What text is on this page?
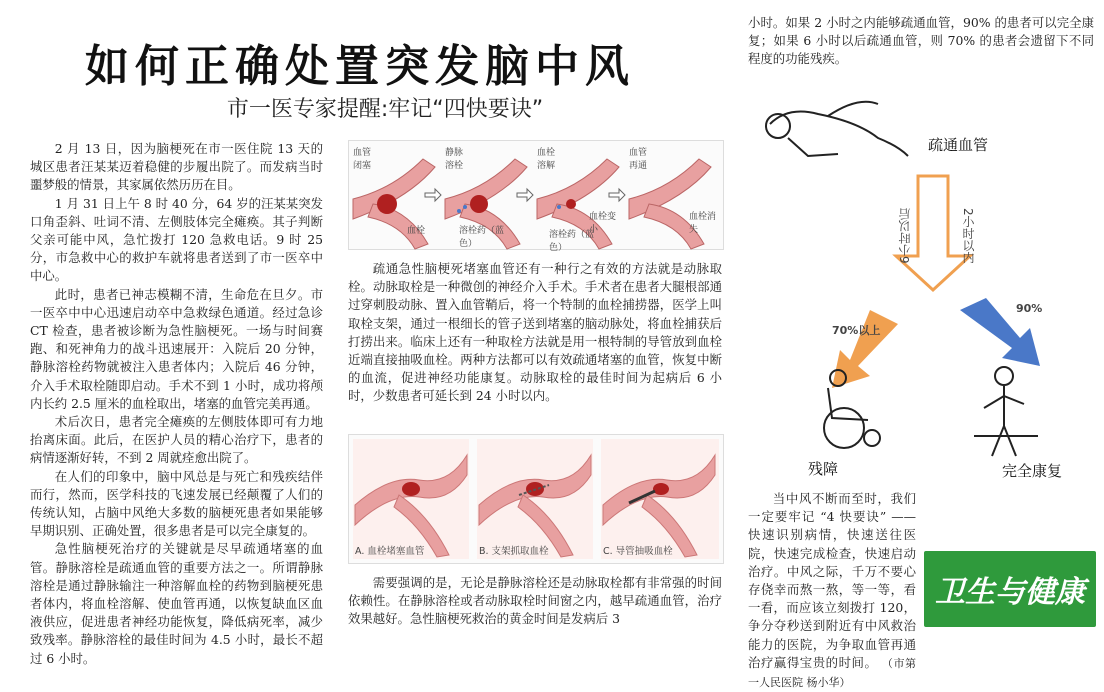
如何正确处置突发脑中风
市一医专家提醒:牢记“四快要诀”

2 月 13 日，因为脑梗死在市一医住院 13 天的城区患者汪某某迈着稳健的步履出院了。而发病当时噩梦般的情景，其家属依然历历在目。

1 月 31 日上午 8 时 40 分，64 岁的汪某某突发口角歪斜、吐词不清、左侧肢体完全瘫痪。其子判断父亲可能中风，急忙拨打 120 急救电话。9 时 25 分，市急救中心的救护车就将患者送到了市一医卒中中心。

此时，患者已神志模糊不清，生命危在旦夕。市一医卒中中心迅速启动卒中急救绿色通道。经过急诊 CT 检查，患者被诊断为急性脑梗死。一场与时间赛跑、和死神角力的战斗迅速展开：入院后 20 分钟，静脉溶栓药物就被注入患者体内；入院后 46 分钟，介入手术取栓随即启动。手术不到 1 小时，成功将颅内长约 2.5 厘米的血栓取出，堵塞的血管完美再通。

术后次日，患者完全瘫痪的左侧肢体即可有力地抬离床面。此后，在医护人员的精心治疗下，患者的病情逐渐好转，不到 2 周就痊愈出院了。

在人们的印象中，脑中风总是与死亡和残疾结伴而行，然而，医学科技的飞速发展已经颠覆了人们的传统认知，占脑中风绝大多数的脑梗死患者如果能够早期识别、正确处置，很多患者是可以完全康复的。

急性脑梗死治疗的关键就是尽早疏通堵塞的血管。静脉溶栓是疏通血管的重要方法之一。所谓静脉溶栓是通过静脉输注一种溶解血栓的药物到脑梗死患者体内，将血栓溶解、使血管再通，以恢复缺血区血液供应，促进患者神经功能恢复，降低病死率，减少致残率。静脉溶栓的最佳时间为 4.5 小时，最长不超过 6 小时。

血管闭塞
静脉溶栓
血栓溶解
血管再通
血栓	溶栓药（蓝色）
血栓变小
溶栓药（蓝色）
血栓消失

疏通急性脑梗死堵塞血管还有一种行之有效的方法就是动脉取栓。动脉取栓是一种微创的神经介入手术。手术者在患者大腿根部通过穿刺股动脉、置入血管鞘后，将一个特制的血栓捕捞器，医学上叫取栓支架，通过一根细长的管子送到堵塞的脑动脉处，将血栓捕获后打捞出来。临床上还有一种取栓方法就是用一根特制的导管放到血栓近端直接抽吸血栓。两种方法都可以有效疏通堵塞的血管，恢复中断的血流，促进神经功能康复。动脉取栓的最佳时间为起病后 6 小时，少数患者可延长到 24 小时以内。

A. 血栓堵塞血管	B. 支架抓取血栓	C. 导管抽吸血栓

需要强调的是，无论是静脉溶栓还是动脉取栓都有非常强的时间依赖性。在静脉溶栓或者动脉取栓时间窗之内，越早疏通血管，治疗效果越好。急性脑梗死救治的黄金时间是发病后 3

小时。如果 2 小时之内能够疏通血管，90% 的患者可以完全康复；如果 6 小时以后疏通血管，则 70% 的患者会遗留下不同程度的功能残疾。

疏通血管
6小时以后	2小时以内
70%以上
90%
残障	完全康复

当中风不断而至时，我们一定要牢记 “4 快要诀” ——快速识别病情，快速送往医院，快速完成检查，快速启动治疗。中风之际，千万不要心存侥幸而熬一熬，等一等，看一看，而应该立刻拨打 120，争分夺秒送到附近有中风救治能力的医院，为争取血管再通治疗赢得宝贵的时间。 （市第一人民医院 杨小华）

卫生与健康
